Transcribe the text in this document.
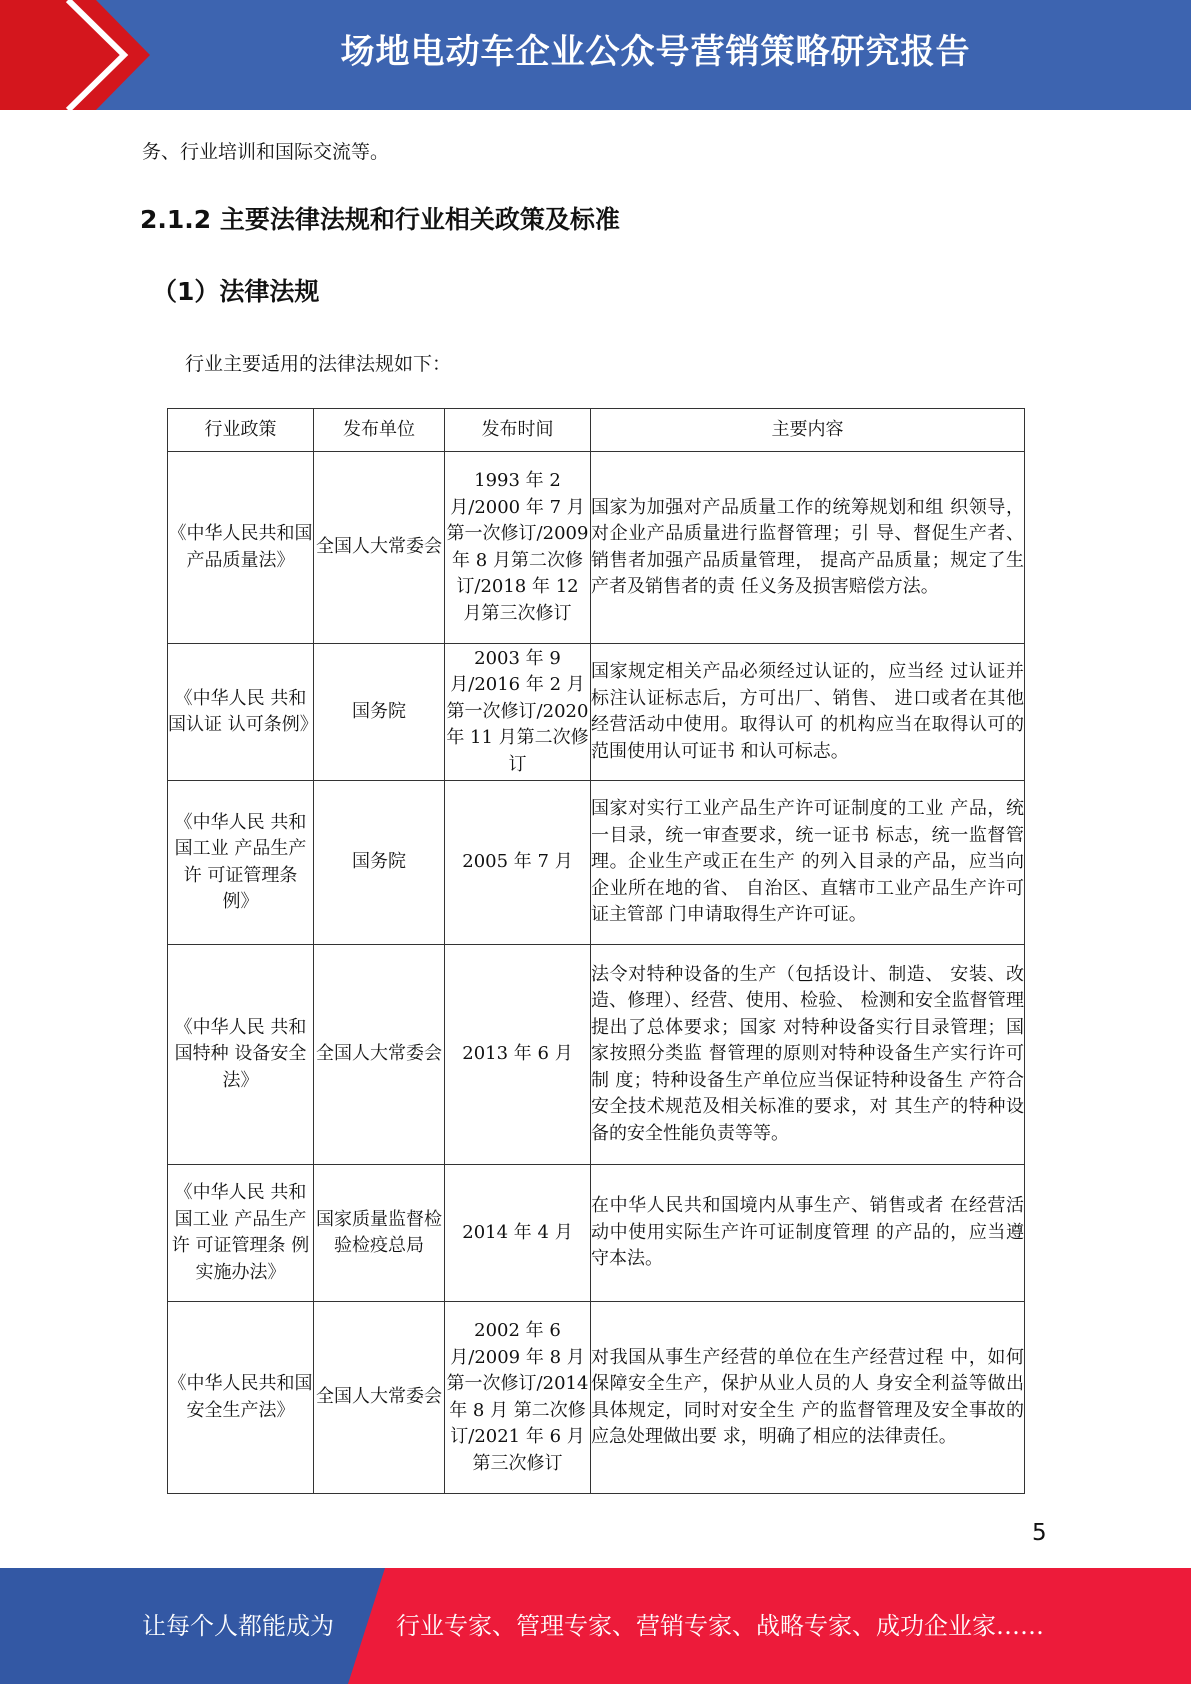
场地电动车企业公众号营销策略研究报告
务、行业培训和国际交流等。
2.1.2 主要法律法规和行业相关政策及标准
（1）法律法规
行业主要适用的法律法规如下：
行业政策	发布单位	发布时间	主要内容
《中华人民共和国产品质量法》	全国人大常委会	1993 年 2 月/2000 年 7 月第一次修订/2009 年 8 月第二次修订/2018 年 12 月第三次修订	国家为加强对产品质量工作的统筹规划和组 织领导，对企业产品质量进行监督管理；引 导、督促生产者、销售者加强产品质量管理， 提高产品质量；规定了生产者及销售者的责 任义务及损害赔偿方法。
《中华人民 共和国认证 认可条例》	国务院	2003 年 9 月/2016 年 2 月第一次修订/2020 年 11 月第二次修订	国家规定相关产品必须经过认证的，应当经 过认证并标注认证标志后，方可出厂、销售、 进口或者在其他经营活动中使用。取得认可 的机构应当在取得认可的范围使用认可证书 和认可标志。
《中华人民 共和国工业 产品生产许 可证管理条 例》	国务院	2005 年 7 月	国家对实行工业产品生产许可证制度的工业 产品，统一目录，统一审查要求，统一证书 标志，统一监督管理。企业生产或正在生产 的列入目录的产品，应当向企业所在地的省、 自治区、直辖市工业产品生产许可证主管部 门申请取得生产许可证。
《中华人民 共和国特种 设备安全法》	全国人大常委会	2013 年 6 月	法令对特种设备的生产（包括设计、制造、 安装、改造、修理）、经营、使用、检验、 检测和安全监督管理提出了总体要求；国家 对特种设备实行目录管理；国家按照分类监 督管理的原则对特种设备生产实行许可制 度；特种设备生产单位应当保证特种设备生 产符合安全技术规范及相关标准的要求，对 其生产的特种设备的安全性能负责等等。
《中华人民 共和国工业 产品生产许 可证管理条 例实施办法》	国家质量监督检验检疫总局	2014 年 4 月	在中华人民共和国境内从事生产、销售或者 在经营活动中使用实际生产许可证制度管理 的产品的，应当遵守本法。
《中华人民共和国安全生产法》	全国人大常委会	2002 年 6 月/2009 年 8 月第一次修订/2014 年 8 月 第二次修订/2021 年 6 月 第三次修订	对我国从事生产经营的单位在生产经营过程 中，如何保障安全生产，保护从业人员的人 身安全利益等做出具体规定，同时对安全生 产的监督管理及安全事故的应急处理做出要 求，明确了相应的法律责任。
5
让每个人都能成为	行业专家、管理专家、营销专家、战略专家、成功企业家……
